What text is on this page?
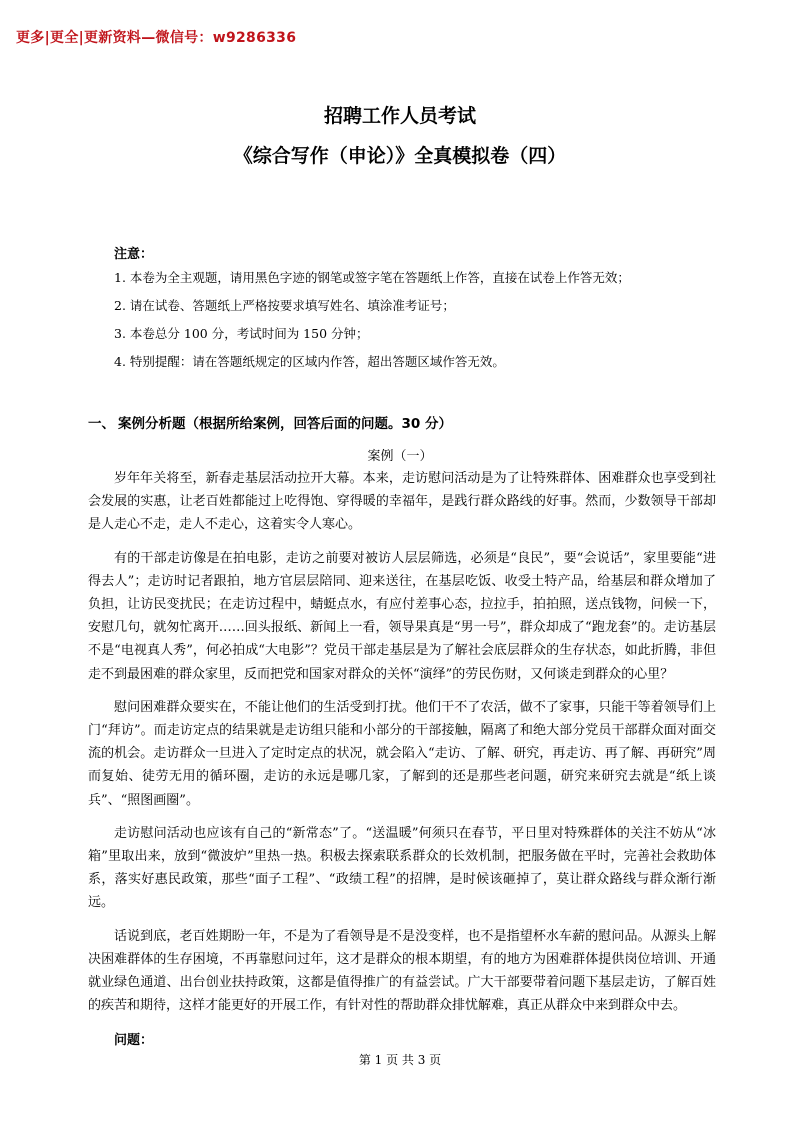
更多|更全|更新资料—微信号：w9286336
招聘工作人员考试
《综合写作（申论）》全真模拟卷（四）
注意：
1. 本卷为全主观题，请用黑色字迹的钢笔或签字笔在答题纸上作答，直接在试卷上作答无效；
2. 请在试卷、答题纸上严格按要求填写姓名、填涂准考证号；
3. 本卷总分 100 分，考试时间为 150 分钟；
4. 特别提醒：请在答题纸规定的区域内作答，超出答题区域作答无效。
一、 案例分析题（根据所给案例，回答后面的问题。30 分）
案例（一）

岁年年关将至，新春走基层活动拉开大幕。本来，走访慰问活动是为了让特殊群体、困难群众也享受到社会发展的实惠，让老百姓都能过上吃得饱、穿得暖的幸福年，是践行群众路线的好事。然而，少数领导干部却是人走心不走，走人不走心，这着实令人寒心。

有的干部走访像是在拍电影，走访之前要对被访人层层筛选，必须是“良民”，要“会说话”，家里要能“进得去人”；走访时记者跟拍，地方官层层陪同、迎来送往，在基层吃饭、收受土特产品，给基层和群众增加了负担，让访民变扰民；在走访过程中，蜻蜓点水，有应付差事心态，拉拉手，拍拍照，送点钱物，问候一下，安慰几句，就匆忙离开……回头报纸、新闻上一看，领导果真是“男一号”，群众却成了“跑龙套”的。走访基层不是“电视真人秀”，何必拍成“大电影”？党员干部走基层是为了解社会底层群众的生存状态，如此折腾，非但走不到最困难的群众家里，反而把党和国家对群众的关怀“演绎”的劳民伤财，又何谈走到群众的心里？

慰问困难群众要实在，不能让他们的生活受到打扰。他们干不了农活，做不了家事，只能干等着领导们上门“拜访”。而走访定点的结果就是走访组只能和小部分的干部接触，隔离了和绝大部分党员干部群众面对面交流的机会。走访群众一旦进入了定时定点的状况，就会陷入“走访、了解、研究，再走访、再了解、再研究”周而复始、徒劳无用的循环圈，走访的永远是哪几家，了解到的还是那些老问题，研究来研究去就是“纸上谈兵”、“照图画圈”。

走访慰问活动也应该有自己的“新常态”了。“送温暖”何须只在春节，平日里对特殊群体的关注不妨从“冰箱”里取出来，放到“微波炉”里热一热。积极去探索联系群众的长效机制，把服务做在平时，完善社会救助体系，落实好惠民政策，那些“面子工程”、“政绩工程”的招牌，是时候该砸掉了，莫让群众路线与群众渐行渐远。

话说到底，老百姓期盼一年，不是为了看领导是不是没变样，也不是指望杯水车薪的慰问品。从源头上解决困难群体的生存困境，不再靠慰问过年，这才是群众的根本期望，有的地方为困难群体提供岗位培训、开通就业绿色通道、出台创业扶持政策，这都是值得推广的有益尝试。广大干部要带着问题下基层走访，了解百姓的疾苦和期待，这样才能更好的开展工作，有针对性的帮助群众排忧解难，真正从群众中来到群众中去。

问题：
第 1 页 共 3 页
